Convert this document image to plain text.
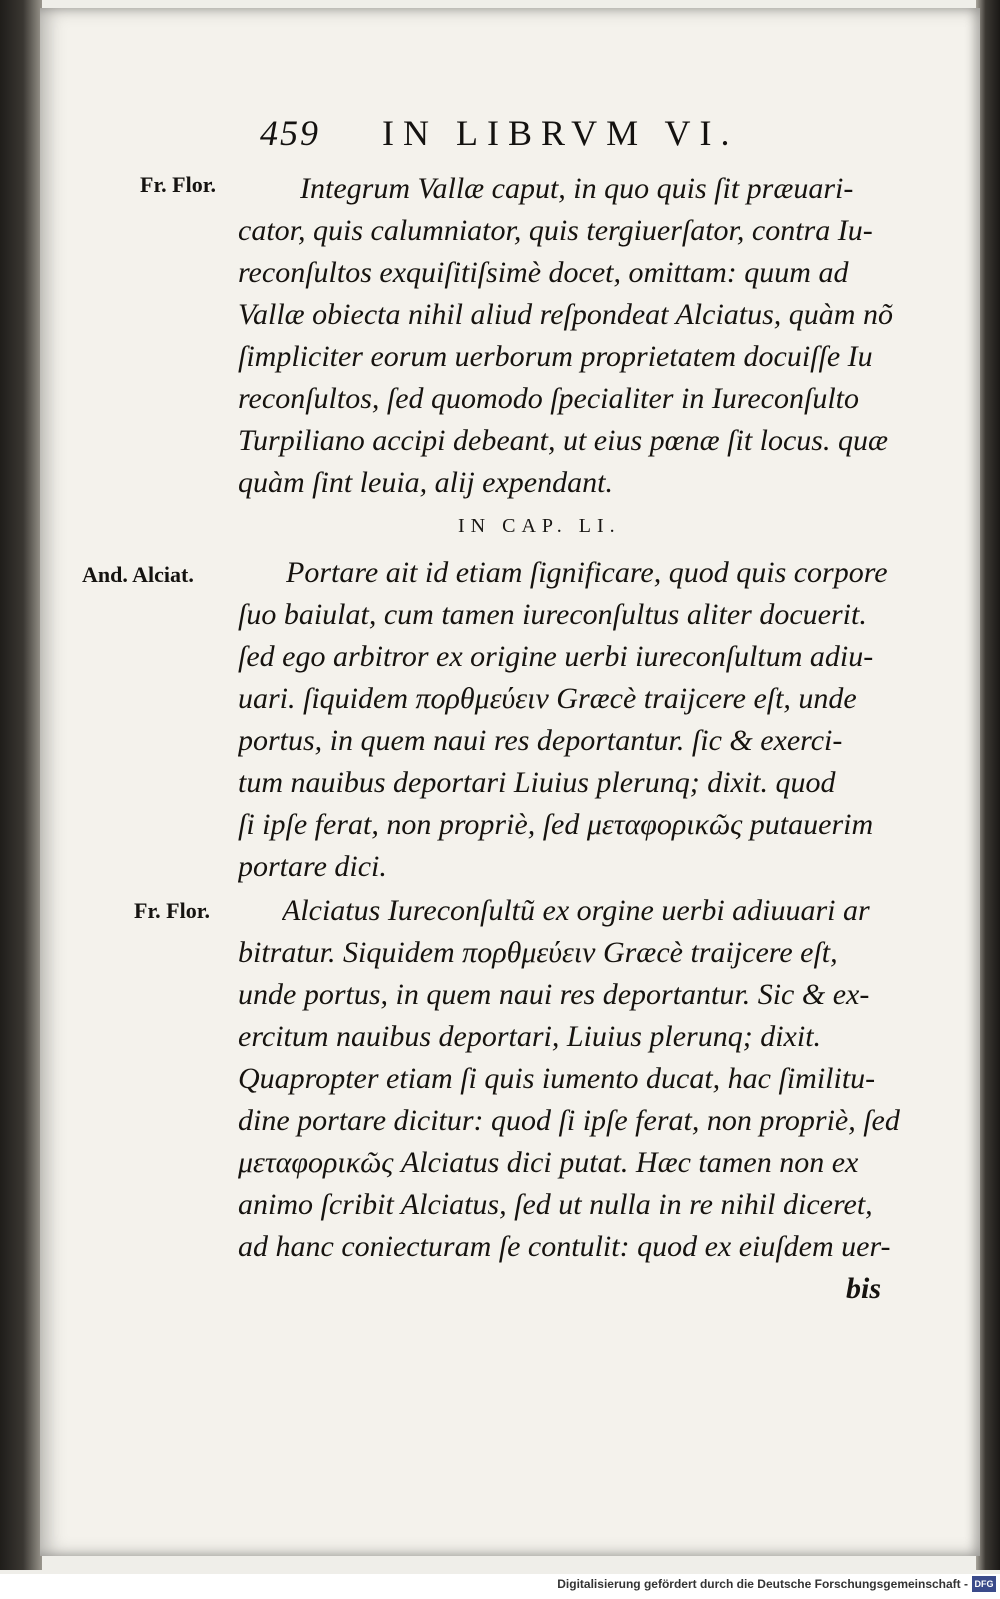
459 IN LIBRVM VI.
Fr. Flor.	Integrum Vallæ caput, in quo quis ſit præuari-
cator, quis calumniator, quis tergiuerſator, contra Iu-
reconſultos exquiſitiſsimè docet, omittam: quum ad
Vallæ obiecta nihil aliud reſpondeat Alciatus, quàm nõ
ſimpliciter eorum uerborum proprietatem docuiſſe Iu
reconſultos, ſed quomodo ſpecialiter in Iureconſulto
Turpiliano accipi debeant, ut eius pœnæ ſit locus. quæ
quàm ſint leuia, alij expendant.
IN CAP. LI.
And. Alciat.	Portare ait id etiam ſignificare, quod quis corpore
ſuo baiulat, cum tamen iureconſultus aliter docuerit.
ſed ego arbitror ex origine uerbi iureconſultum adiu-
uari. ſiquidem πορθμεύειν Græcè traijcere eſt, unde
portus, in quem naui res deportantur. ſic & exerci-
tum nauibus deportari Liuius plerunq; dixit. quod
ſi ipſe ferat, non propriè, ſed μεταφορικῶς putauerim
portare dici.
Fr. Flor. Alciatus Iureconſultũ ex orgine uerbi adiuuari ar
bitratur. Siquidem πορθμεύειν Græcè traijcere eſt,
unde portus, in quem naui res deportantur. Sic & ex-
ercitum nauibus deportari, Liuius plerunq; dixit.
Quapropter etiam ſi quis iumento ducat, hac ſimilitu-
dine portare dicitur: quod ſi ipſe ferat, non propriè, ſed
μεταφορικῶς Alciatus dici putat. Hæc tamen non ex
animo ſcribit Alciatus, ſed ut nulla in re nihil diceret,
ad hanc coniecturam ſe contulit: quod ex eiuſdem uer-
bis
Digitalisierung gefördert durch die Deutsche Forschungsgemeinschaft - DFG
